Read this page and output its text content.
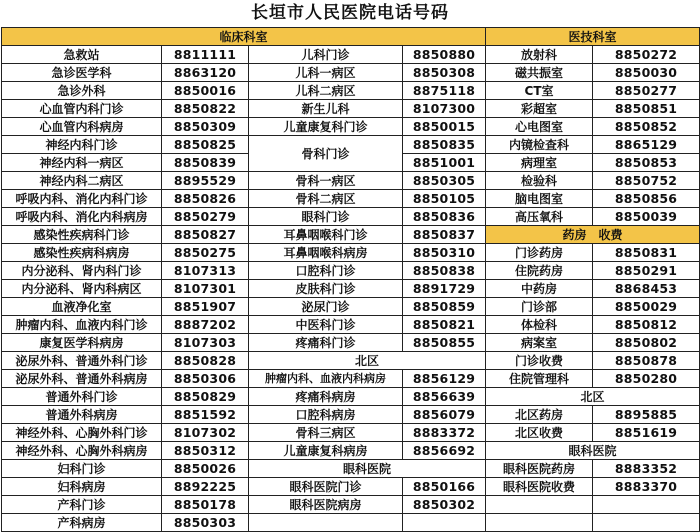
长垣市人民医院电话号码
临床科室				医技科室	
急救站	8811111	儿科门诊	8850880	放射科	8850272
急诊医学科	8863120	儿科一病区	8850308	磁共振室	8850030
急诊外科	8850016	儿科二病区	8875118	CT室	8850277
心血管内科门诊	8850822	新生儿科	8107300	彩超室	8850851
心血管内科病房	8850309	儿童康复科门诊	8850015	心电图室	8850852
神经内科门诊	8850825	骨科门诊	8850835	内镜检查科	8865129
神经内科一病区	8850839		8851001	病理室	8850853
神经内科二病区	8895529	骨科一病区	8850305	检验科	8850752
呼吸内科、消化内科门诊	8850826	骨科二病区	8850105	脑电图室	8850856
呼吸内科、消化内科病房	8850279	眼科门诊	8850836	高压氧科	8850039
感染性疾病科门诊	8850827	耳鼻咽喉科门诊	8850837	药房　收费	
感染性疾病科病房	8850275	耳鼻咽喉科病房	8850310	门诊药房	8850831
内分泌科、肾内科门诊	8107313	口腔科门诊	8850838	住院药房	8850291
内分泌科、肾内科病区	8107301	皮肤科门诊	8891729	中药房	8868453
血液净化室	8851907	泌尿门诊	8850859	门诊部	8850029
肿瘤内科、血液内科门诊	8887202	中医科门诊	8850821	体检科	8850812
康复医学科病房	8107303	疼痛科门诊	8850855	病案室	8850802
泌尿外科、普通外科门诊	8850828	北区		门诊收费	8850878
泌尿外科、普通外科病房	8850306	肿瘤内科、血液内科病房	8856129	住院管理科	8850280
普通外科门诊	8850829	疼痛科病房	8856639	北区	
普通外科病房	8851592	口腔科病房	8856079	北区药房	8895885
神经外科、心胸外科门诊	8107302	骨科三病区	8883372	北区收费	8851619
神经外科、心胸外科病房	8850312	儿童康复科病房	8856692	眼科医院	
妇科门诊	8850026	眼科医院		眼科医院药房	8883352
妇科病房	8892225	眼科医院门诊	8850166	眼科医院收费	8883370
产科门诊	8850178	眼科医院病房	8850302		
产科病房	8850303				
